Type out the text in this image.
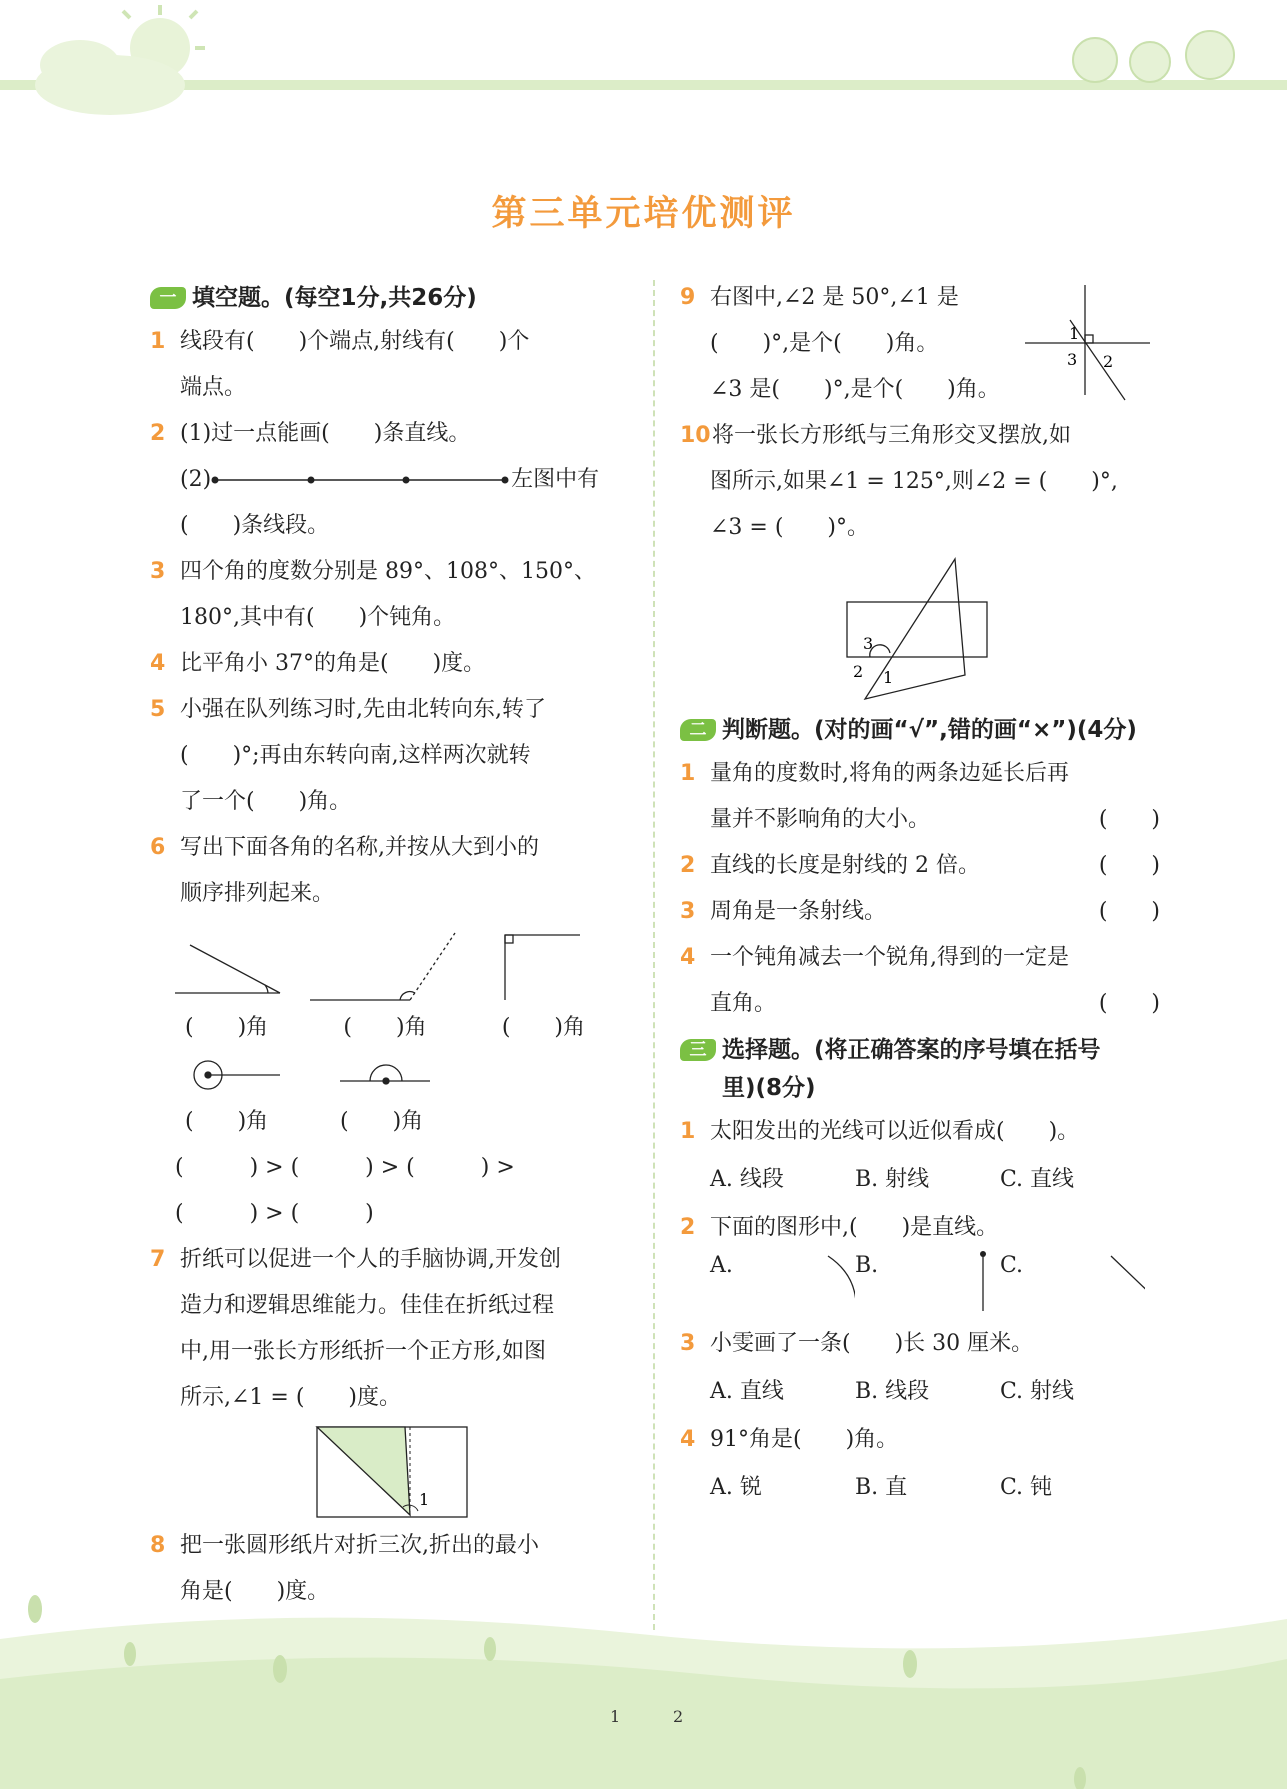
第三单元培优测评
一 填空题。(每空1分,共26分)
1 线段有(　　)个端点,射线有(　　)个
端点。
2 (1)过一点能画(　　)条直线。
(2)	左图中有
(　　)条线段。
3 四个角的度数分别是 89°、108°、150°、
180°,其中有(　　)个钝角。
4 比平角小 37°的角是(　　)度。
5 小强在队列练习时,先由北转向东,转了
(　　)°;再由东转向南,这样两次就转
了一个(　　)角。
6 写出下面各角的名称,并按从大到小的
顺序排列起来。
(　　)角	(　　)角	(　　)角
(　　)角	(　　)角
(　　　) > (　　　) > (　　　) >
(　　　) > (　　　)
7 折纸可以促进一个人的手脑协调,开发创
造力和逻辑思维能力。佳佳在折纸过程
中,用一张长方形纸折一个正方形,如图
所示,∠1 = (　　)度。
1
8 把一张圆形纸片对折三次,折出的最小
角是(　　)度。
9 右图中,∠2 是 50°,∠1 是
(　　)°,是个(　　)角。
∠3 是(　　)°,是个(　　)角。
1
2
3
10 将一张长方形纸与三角形交叉摆放,如
图所示,如果∠1 = 125°,则∠2 = (　　)°,
∠3 = (　　)°。
3
2 1
二 判断题。(对的画“√”,错的画“×”)(4分)
1 量角的度数时,将角的两条边延长后再
量并不影响角的大小。	(　　)
2 直线的长度是射线的 2 倍。	(　　)
3 周角是一条射线。	(　　)
4 一个钝角减去一个锐角,得到的一定是
直角。	(　　)
三 选择题。(将正确答案的序号填在括号
里)(8分)
1 太阳发出的光线可以近似看成(　　)。
A. 线段	B. 射线	C. 直线
2 下面的图形中,(　　)是直线。
A.	B.	C.
3 小雯画了一条(　　)长 30 厘米。
A. 直线	B. 线段	C. 射线
4 91°角是(　　)角。
A. 锐	B. 直	C. 钝
1	2
